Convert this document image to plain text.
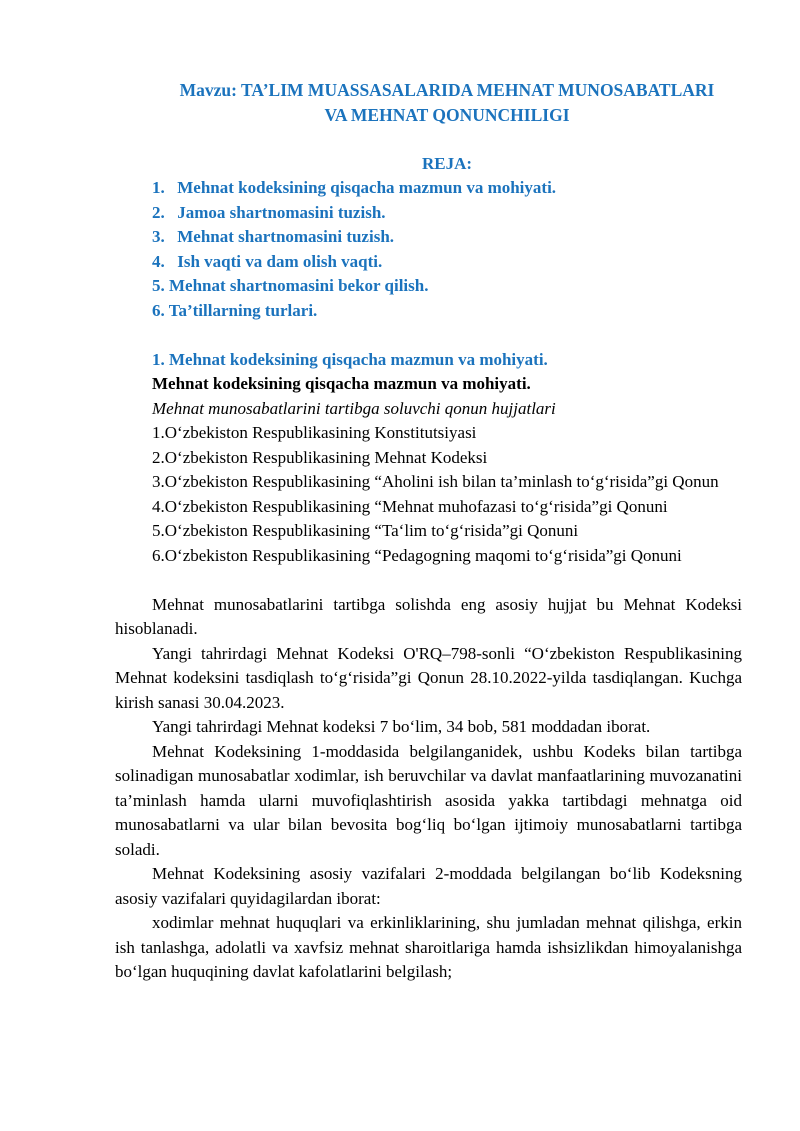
Mavzu: TA’LIM MUASSASALARIDA MEHNAT MUNOSABATLARI
VA MEHNAT QONUNCHILIGI
REJA:
1. Mehnat kodeksining qisqacha mazmun va mohiyati.
2. Jamoa shartnomasini tuzish.
3. Mehnat shartnomasini tuzish.
4. Ish vaqti va dam olish vaqti.
5. Mehnat shartnomasini bekor qilish.
6. Ta’tillarning turlari.
1. Mehnat kodeksining qisqacha mazmun va mohiyati.
Mehnat kodeksining qisqacha mazmun va mohiyati.
Mehnat munosabatlarini tartibga soluvchi qonun hujjatlari
1.O‘zbekiston Respublikasining Konstitutsiyasi
2.O‘zbekiston Respublikasining Mehnat Kodeksi
3.O‘zbekiston Respublikasining “Aholini ish bilan ta’minlash to‘g‘risida”gi Qonun
4.O‘zbekiston Respublikasining “Mehnat muhofazasi to‘g‘risida”gi Qonuni
5.O‘zbekiston Respublikasining “Ta‘lim to‘g‘risida”gi Qonuni
6.O‘zbekiston Respublikasining “Pedagogning maqomi to‘g‘risida”gi Qonuni

Mehnat munosabatlarini tartibga solishda eng asosiy hujjat bu Mehnat Kodeksi hisoblanadi.

Yangi tahrirdagi Mehnat Kodeksi O'RQ–798-sonli “O‘zbekiston Respublikasining Mehnat kodeksini tasdiqlash to‘g‘risida”gi Qonun 28.10.2022-yilda tasdiqlangan. Kuchga kirish sanasi 30.04.2023.

Yangi tahrirdagi Mehnat kodeksi 7 bo‘lim, 34 bob, 581 moddadan iborat.

Mehnat Kodeksining 1-moddasida belgilanganidek, ushbu Kodeks bilan tartibga solinadigan munosabatlar xodimlar, ish beruvchilar va davlat manfaatlarining muvozanatini ta’minlash hamda ularni muvofiqlashtirish asosida yakka tartibdagi mehnatga oid munosabatlarni va ular bilan bevosita bog‘liq bo‘lgan ijtimoiy munosabatlarni tartibga soladi.

Mehnat Kodeksining asosiy vazifalari 2-moddada belgilangan bo‘lib Kodeksning asosiy vazifalari quyidagilardan iborat:

xodimlar mehnat huquqlari va erkinliklarining, shu jumladan mehnat qilishga, erkin ish tanlashga, adolatli va xavfsiz mehnat sharoitlariga hamda ishsizlikdan himoyalanishga bo‘lgan huquqining davlat kafolatlarini belgilash;
